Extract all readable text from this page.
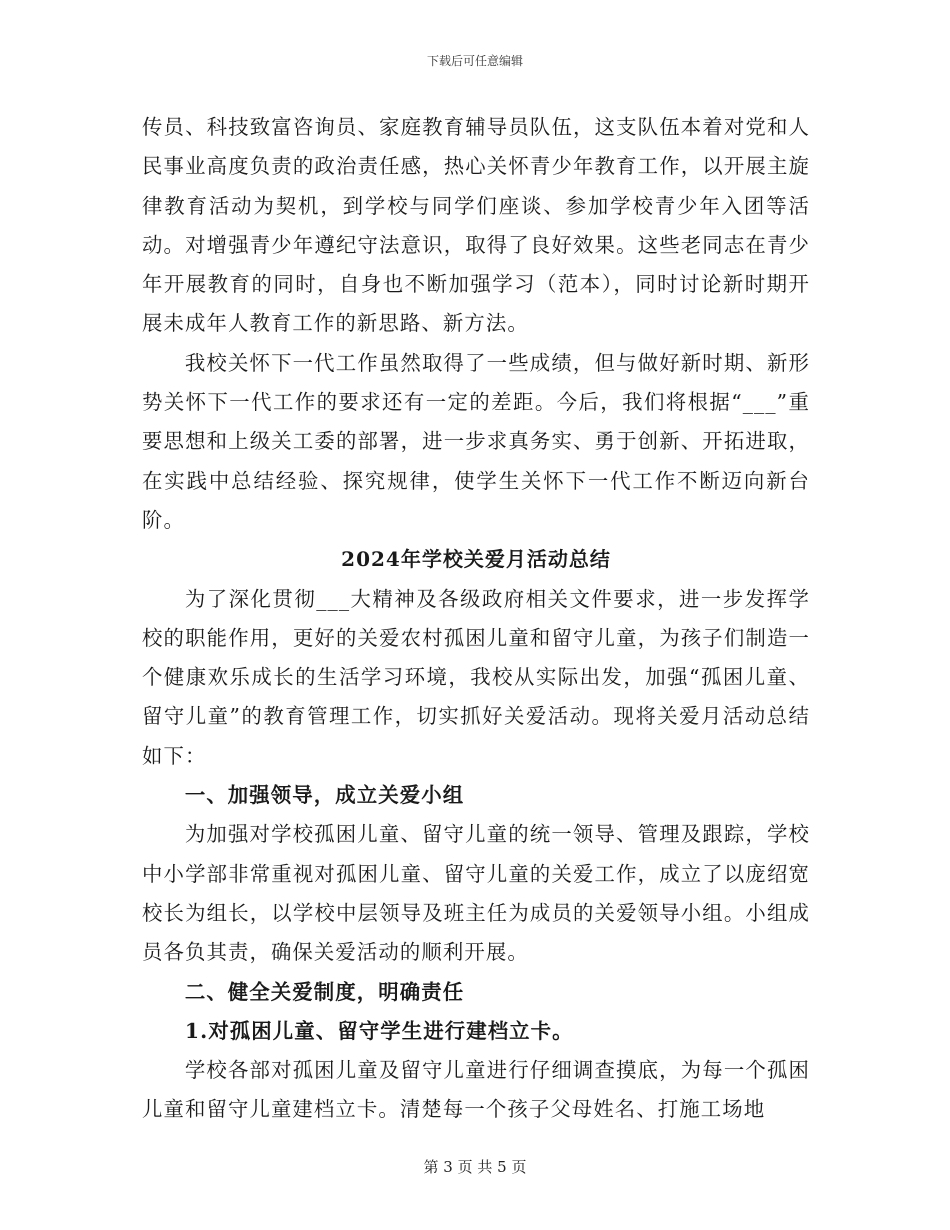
下载后可任意编辑

传员、科技致富咨询员、家庭教育辅导员队伍，这支队伍本着对党和人民事业高度负责的政治责任感，热心关怀青少年教育工作，以开展主旋律教育活动为契机，到学校与同学们座谈、参加学校青少年入团等活动。对增强青少年遵纪守法意识，取得了良好效果。这些老同志在青少年开展教育的同时，自身也不断加强学习（范本），同时讨论新时期开展未成年人教育工作的新思路、新方法。

我校关怀下一代工作虽然取得了一些成绩，但与做好新时期、新形势关怀下一代工作的要求还有一定的差距。今后，我们将根据“___”重要思想和上级关工委的部署，进一步求真务实、勇于创新、开拓进取，在实践中总结经验、探究规律，使学生关怀下一代工作不断迈向新台阶。

2024年学校关爱月活动总结

为了深化贯彻___大精神及各级政府相关文件要求，进一步发挥学校的职能作用，更好的关爱农村孤困儿童和留守儿童，为孩子们制造一个健康欢乐成长的生活学习环境，我校从实际出发，加强“孤困儿童、留守儿童”的教育管理工作，切实抓好关爱活动。现将关爱月活动总结如下：

一、加强领导，成立关爱小组

为加强对学校孤困儿童、留守儿童的统一领导、管理及跟踪，学校中小学部非常重视对孤困儿童、留守儿童的关爱工作，成立了以庞绍宽校长为组长，以学校中层领导及班主任为成员的关爱领导小组。小组成员各负其责，确保关爱活动的顺利开展。

二、健全关爱制度，明确责任

1.对孤困儿童、留守学生进行建档立卡。

学校各部对孤困儿童及留守儿童进行仔细调查摸底，为每一个孤困儿童和留守儿童建档立卡。清楚每一个孩子父母姓名、打施工场地

第 3 页 共 5 页
